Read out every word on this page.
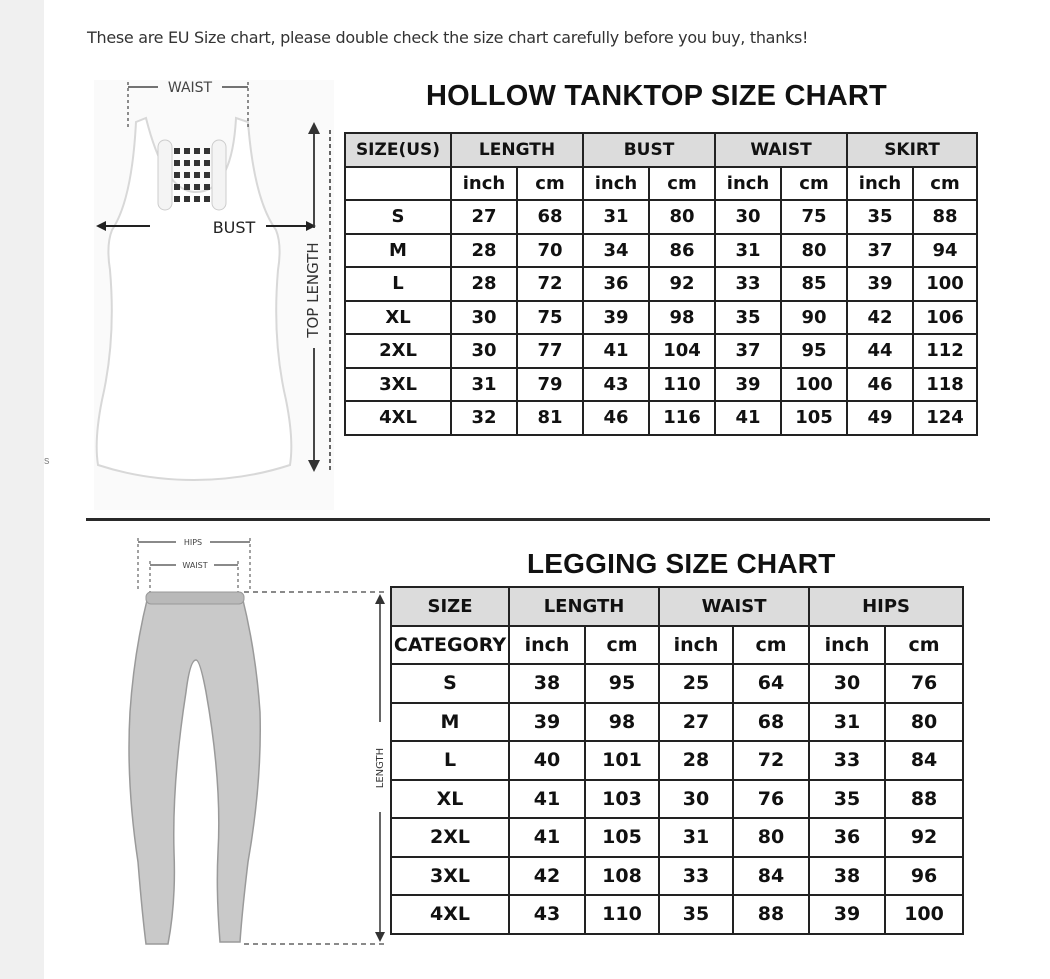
s
These are EU Size chart, please double check the size chart carefully before you buy, thanks!
WAIST
BUST
TOP LENGTH
HOLLOW TANKTOP SIZE CHART
SIZE(US)	LENGTH		BUST		WAIST		SKIRT	
	inch	cm	inch	cm	inch	cm	inch	cm
S	27	68	31	80	30	75	35	88
M	28	70	34	86	31	80	37	94
L	28	72	36	92	33	85	39	100
XL	30	75	39	98	35	90	42	106
2XL	30	77	41	104	37	95	44	112
3XL	31	79	43	110	39	100	46	118
4XL	32	81	46	116	41	105	49	124
HIPS
WAIST
LENGTH
LEGGING SIZE CHART
SIZE	LENGTH		WAIST		HIPS	
CATEGORY	inch	cm	inch	cm	inch	cm
S	38	95	25	64	30	76
M	39	98	27	68	31	80
L	40	101	28	72	33	84
XL	41	103	30	76	35	88
2XL	41	105	31	80	36	92
3XL	42	108	33	84	38	96
4XL	43	110	35	88	39	100
